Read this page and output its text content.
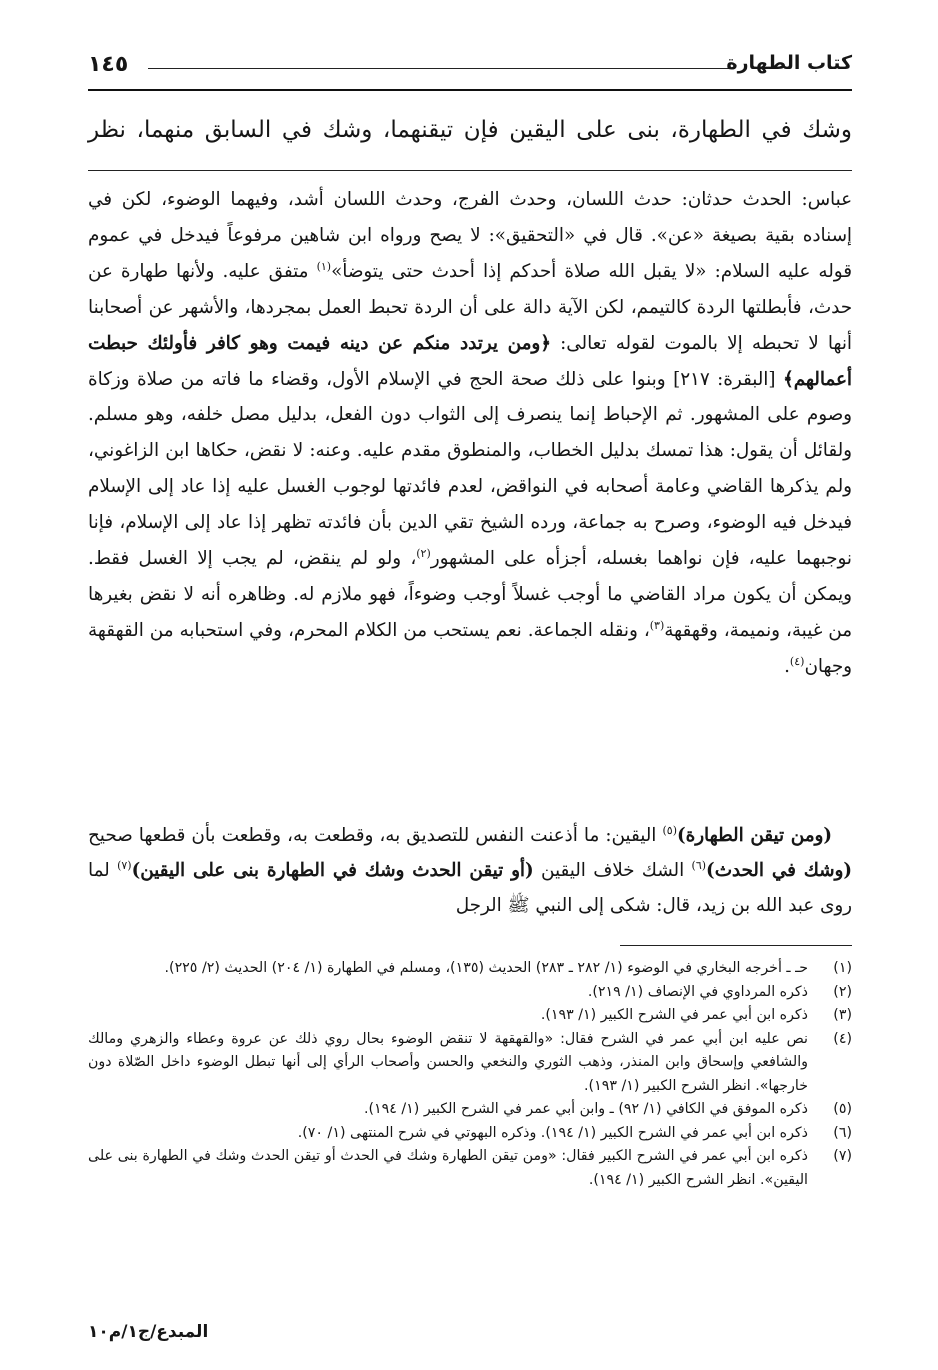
١٤٥	كتاب الطهارة
وشك في الطهارة، بنى على اليقين فإن تيقنهما، وشك في السابق منهما، نظر

عباس: الحدث حدثان: حدث اللسان، وحدث الفرج، وحدث اللسان أشد، وفيهما الوضوء، لكن في إسناده بقية بصيغة «عن». قال في «التحقيق»: لا يصح ورواه ابن شاهين مرفوعاً فيدخل في عموم قوله عليه السلام: «لا يقبل الله صلاة أحدكم إذا أحدث حتى يتوضأ»$^{(١)}$ متفق عليه. ولأنها طهارة عن حدث، فأبطلتها الردة كالتيمم، لكن الآية دالة على أن الردة تحبط العمل بمجردها، والأشهر عن أصحابنا أنها لا تحبطه إلا بالموت لقوله تعالى: ﴿ومن يرتدد منكم عن دينه فيمت وهو كافر فأولئك حبطت أعمالهم﴾ [البقرة: ٢١٧] وبنوا على ذلك صحة الحج في الإسلام الأول، وقضاء ما فاته من صلاة وزكاة وصوم على المشهور. ثم الإحباط إنما ينصرف إلى الثواب دون الفعل، بدليل مصل خلفه، وهو مسلم. ولقائل أن يقول: هذا تمسك بدليل الخطاب، والمنطوق مقدم عليه. وعنه: لا نقض، حكاها ابن الزاغوني، ولم يذكرها القاضي وعامة أصحابه في النواقض، لعدم فائدتها لوجوب الغسل عليه إذا عاد إلى الإسلام فيدخل فيه الوضوء، وصرح به جماعة، ورده الشيخ تقي الدين بأن فائدته تظهر إذا عاد إلى الإسلام، فإنا نوجبهما عليه، فإن نواهما بغسله، أجزأه على المشهور$^{(٢)}$، ولو لم ينقض، لم يجب إلا الغسل فقط. ويمكن أن يكون مراد القاضي ما أوجب غسلاً أوجب وضوءاً، فهو ملازم له. وظاهره أنه لا نقض بغيرها من غيبة، ونميمة، وقهقهة$^{(٣)}$، ونقله الجماعة. نعم يستحب من الكلام المحرم، وفي استحبابه من القهقهة وجهان$^{(٤)}$.

(ومن تيقن الطهارة)$^{(٥)}$ اليقين: ما أذعنت النفس للتصديق به، وقطعت به، وقطعت بأن قطعها صحيح (وشك في الحدث)$^{(٦)}$ الشك خلاف اليقين (أو تيقن الحدث وشك في الطهارة بنى على اليقين)$^{(٧)}$ لما روى عبد الله بن زيد، قال: شكى إلى النبي ﷺ الرجل

(١)
حـ ـ أخرجه البخاري في الوضوء (١/ ٢٨٢ ـ ٢٨٣) الحديث (١٣٥)، ومسلم في الطهارة (١/ ٢٠٤) الحديث (٢/ ٢٢٥).
(٢)
ذكره المرداوي في الإنصاف (١/ ٢١٩).
(٣)
ذكره ابن أبي عمر في الشرح الكبير (١/ ١٩٣).
(٤)
نص عليه ابن أبي عمر في الشرح فقال: «والقهقهة لا تنقض الوضوء بحال روي ذلك عن عروة وعطاء والزهري ومالك والشافعي وإسحاق وابن المنذر، وذهب الثوري والنخعي والحسن وأصحاب الرأي إلى أنها تبطل الوضوء داخل الصّلاة دون خارجها». انظر الشرح الكبير (١/ ١٩٣).
(٥)
ذكره الموفق في الكافي (١/ ٩٢) ـ وابن أبي عمر في الشرح الكبير (١/ ١٩٤).
(٦)
ذكره ابن أبي عمر في الشرح الكبير (١/ ١٩٤). وذكره البهوتي في شرح المنتهى (١/ ٧٠).
(٧)
ذكره ابن أبي عمر في الشرح الكبير فقال: «ومن تيقن الطهارة وشك في الحدث أو تيقن الحدث وشك في الطهارة بنى على اليقين». انظر الشرح الكبير (١/ ١٩٤).
المبدع/ج١/م١٠
